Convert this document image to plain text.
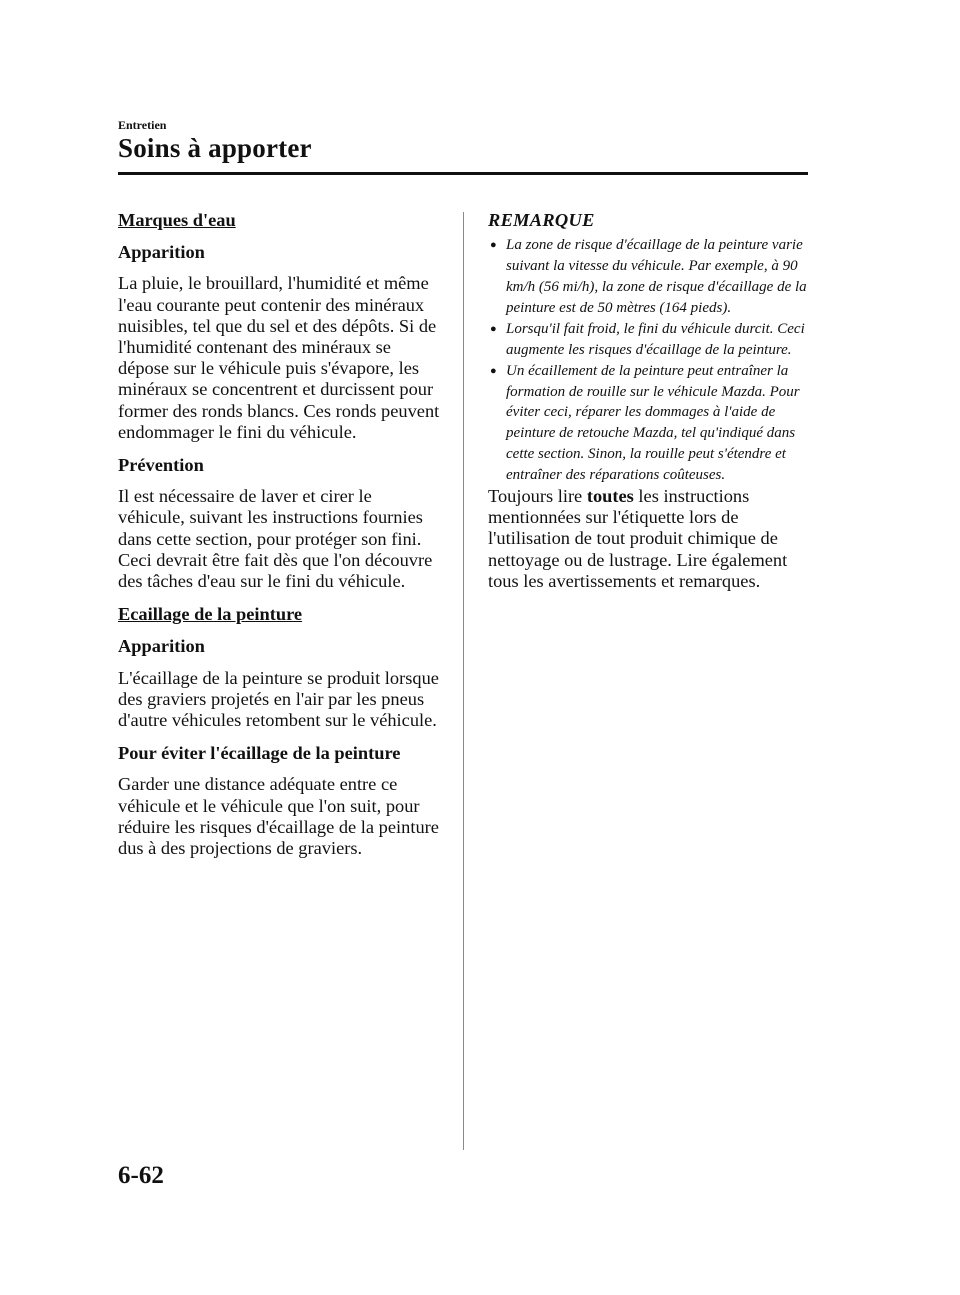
Entretien
Soins à apporter
Marques d'eau
Apparition

La pluie, le brouillard, l'humidité et même l'eau courante peut contenir des minéraux nuisibles, tel que du sel et des dépôts. Si de l'humidité contenant des minéraux se dépose sur le véhicule puis s'évapore, les minéraux se concentrent et durcissent pour former des ronds blancs. Ces ronds peuvent endommager le fini du véhicule.

Prévention

Il est nécessaire de laver et cirer le véhicule, suivant les instructions fournies dans cette section, pour protéger son fini. Ceci devrait être fait dès que l'on découvre des tâches d'eau sur le fini du véhicule.

Ecaillage de la peinture
Apparition

L'écaillage de la peinture se produit lorsque des graviers projetés en l'air par les pneus d'autre véhicules retombent sur le véhicule.

Pour éviter l'écaillage de la peinture

Garder une distance adéquate entre ce véhicule et le véhicule que l'on suit, pour réduire les risques d'écaillage de la peinture dus à des projections de graviers.

REMARQUE
● La zone de risque d'écaillage de la peinture varie suivant la vitesse du véhicule. Par exemple, à 90 km/h (56 mi/h), la zone de risque d'écaillage de la peinture est de 50 mètres (164 pieds).
● Lorsqu'il fait froid, le fini du véhicule durcit. Ceci augmente les risques d'écaillage de la peinture.
● Un écaillement de la peinture peut entraîner la formation de rouille sur le véhicule Mazda. Pour éviter ceci, réparer les dommages à l'aide de peinture de retouche Mazda, tel qu'indiqué dans cette section. Sinon, la rouille peut s'étendre et entraîner des réparations coûteuses.

Toujours lire toutes les instructions mentionnées sur l'étiquette lors de l'utilisation de tout produit chimique de nettoyage ou de lustrage. Lire également tous les avertissements et remarques.

6-62
